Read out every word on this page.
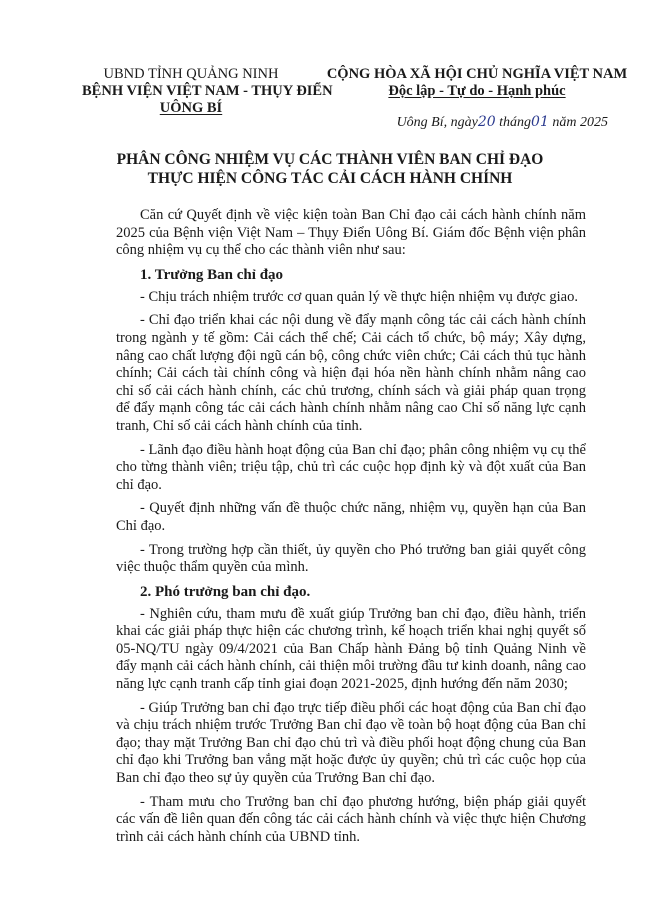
UBND TỈNH QUẢNG NINH
BỆNH VIỆN VIỆT NAM - THỤY ĐIỂN
UÔNG BÍ
CỘNG HÒA XÃ HỘI CHỦ NGHĨA VIỆT NAM
Độc lập - Tự do - Hạnh phúc
Uông Bí, ngày20 tháng01 năm 2025
PHÂN CÔNG NHIỆM VỤ CÁC THÀNH VIÊN BAN CHỈ ĐẠO
THỰC HIỆN CÔNG TÁC CẢI CÁCH HÀNH CHÍNH

Căn cứ Quyết định về việc kiện toàn Ban Chỉ đạo cải cách hành chính năm 2025 của Bệnh viện Việt Nam – Thụy Điển Uông Bí. Giám đốc Bệnh viện phân công nhiệm vụ cụ thể cho các thành viên như sau:

1. Trưởng Ban chỉ đạo

- Chịu trách nhiệm trước cơ quan quản lý về thực hiện nhiệm vụ được giao.

- Chỉ đạo triển khai các nội dung về đẩy mạnh công tác cải cách hành chính trong ngành y tế gồm: Cải cách thể chế; Cải cách tổ chức, bộ máy; Xây dựng, nâng cao chất lượng đội ngũ cán bộ, công chức viên chức; Cải cách thủ tục hành chính; Cải cách tài chính công và hiện đại hóa nền hành chính nhằm nâng cao chỉ số cải cách hành chính, các chủ trương, chính sách và giải pháp quan trọng để đẩy mạnh công tác cải cách hành chính nhằm nâng cao Chỉ số năng lực cạnh tranh, Chỉ số cải cách hành chính của tỉnh.

- Lãnh đạo điều hành hoạt động của Ban chỉ đạo; phân công nhiệm vụ cụ thể cho từng thành viên; triệu tập, chủ trì các cuộc họp định kỳ và đột xuất của Ban chỉ đạo.

- Quyết định những vấn đề thuộc chức năng, nhiệm vụ, quyền hạn của Ban Chỉ đạo.

- Trong trường hợp cần thiết, ủy quyền cho Phó trưởng ban giải quyết công việc thuộc thẩm quyền của mình.

2. Phó trưởng ban chỉ đạo.

- Nghiên cứu, tham mưu đề xuất giúp Trưởng ban chỉ đạo, điều hành, triển khai các giải pháp thực hiện các chương trình, kế hoạch triển khai nghị quyết số 05-NQ/TU ngày 09/4/2021 của Ban Chấp hành Đảng bộ tỉnh Quảng Ninh về đẩy mạnh cải cách hành chính, cải thiện môi trường đầu tư kinh doanh, nâng cao năng lực cạnh tranh cấp tỉnh giai đoạn 2021-2025, định hướng đến năm 2030;

- Giúp Trưởng ban chỉ đạo trực tiếp điều phối các hoạt động của Ban chỉ đạo và chịu trách nhiệm trước Trưởng Ban chỉ đạo về toàn bộ hoạt động của Ban chỉ đạo; thay mặt Trưởng Ban chỉ đạo chủ trì và điều phối hoạt động chung của Ban chỉ đạo khi Trưởng ban vắng mặt hoặc được ủy quyền; chủ trì các cuộc họp của Ban chỉ đạo theo sự ủy quyền của Trưởng Ban chỉ đạo.

- Tham mưu cho Trưởng ban chỉ đạo phương hướng, biện pháp giải quyết các vấn đề liên quan đến công tác cải cách hành chính và việc thực hiện Chương trình cải cách hành chính của UBND tỉnh.
